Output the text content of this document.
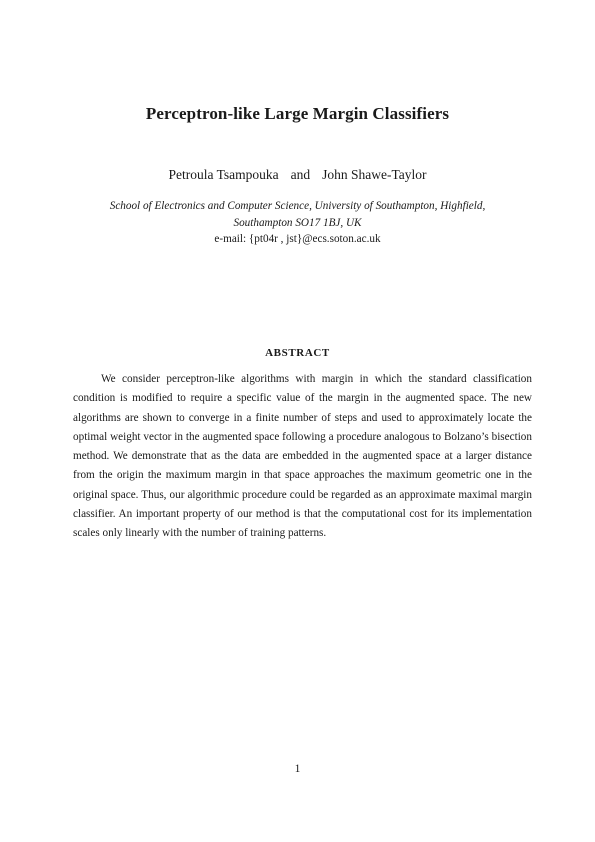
Perceptron-like Large Margin Classifiers
Petroula Tsampouka and John Shawe-Taylor
School of Electronics and Computer Science, University of Southampton, Highfield,
Southampton SO17 1BJ, UK
e-mail: {pt04r , jst}@ecs.soton.ac.uk
ABSTRACT
We consider perceptron-like algorithms with margin in which the standard classification condition is modified to require a specific value of the margin in the augmented space. The new algorithms are shown to converge in a finite number of steps and used to approximately locate the optimal weight vector in the augmented space following a procedure analogous to Bolzano’s bisection method. We demonstrate that as the data are embedded in the augmented space at a larger distance from the origin the maximum margin in that space approaches the maximum geometric one in the original space. Thus, our algorithmic procedure could be regarded as an approximate maximal margin classifier. An important property of our method is that the computational cost for its implementation scales only linearly with the number of training patterns.
1
